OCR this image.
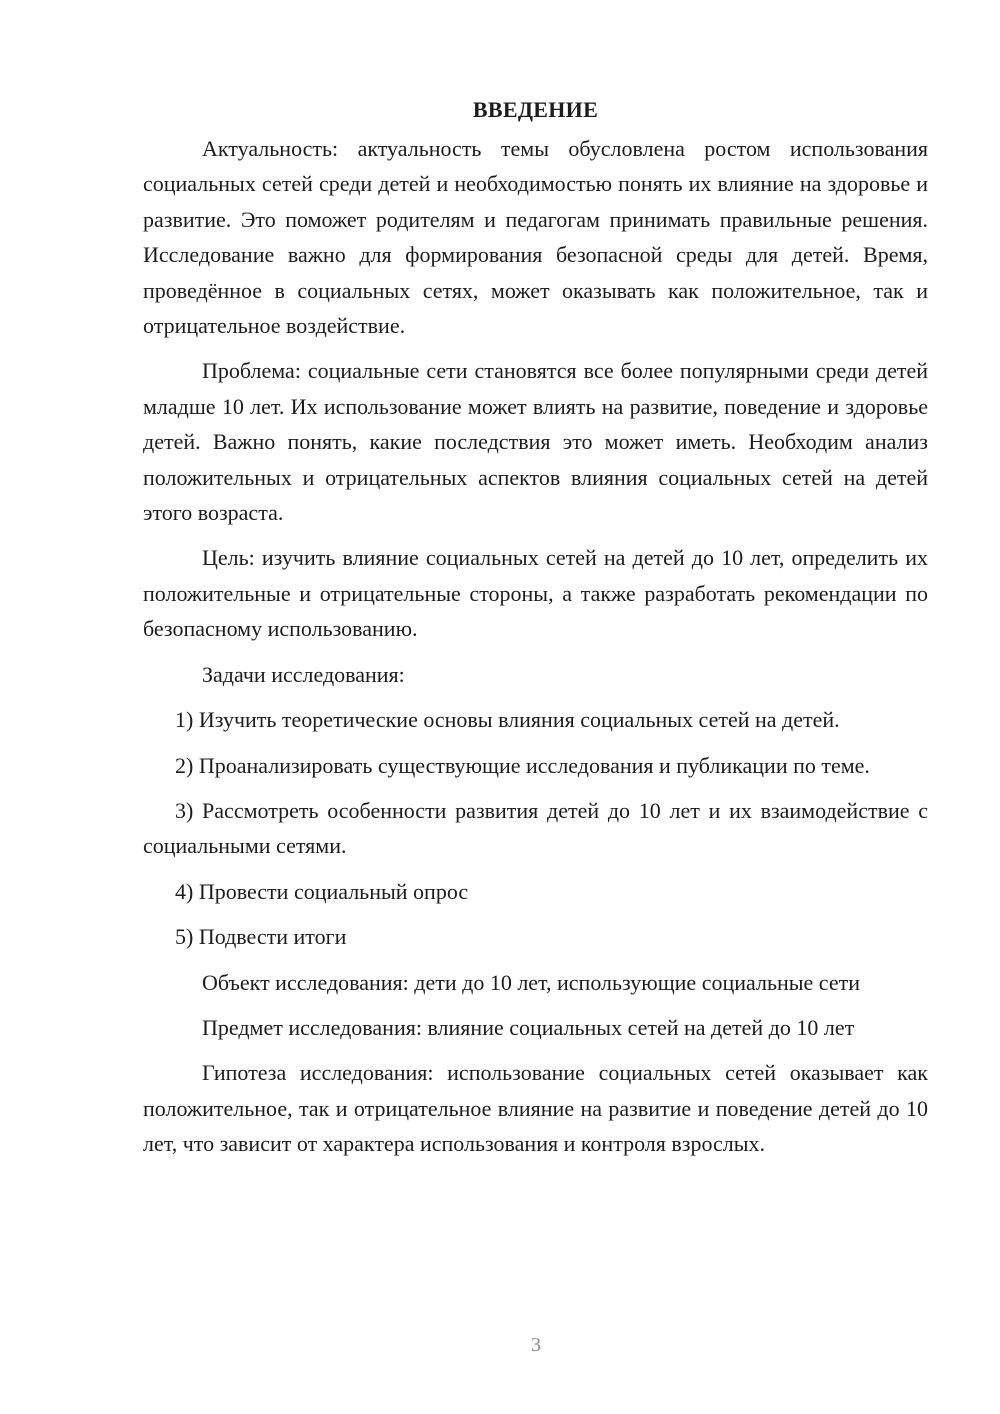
ВВЕДЕНИЕ

Актуальность: актуальность темы обусловлена ростом использования социальных сетей среди детей и необходимостью понять их влияние на здоровье и развитие. Это поможет родителям и педагогам принимать правильные решения. Исследование важно для формирования безопасной среды для детей. Время, проведённое в социальных сетях, может оказывать как положительное, так и отрицательное воздействие.

Проблема: социальные сети становятся все более популярными среди детей младше 10 лет. Их использование может влиять на развитие, поведение и здоровье детей. Важно понять, какие последствия это может иметь. Необходим анализ положительных и отрицательных аспектов влияния социальных сетей на детей этого возраста.

Цель: изучить влияние социальных сетей на детей до 10 лет, определить их положительные и отрицательные стороны, а также разработать рекомендации по безопасному использованию.

Задачи исследования:

1) Изучить теоретические основы влияния социальных сетей на детей.

2) Проанализировать существующие исследования и публикации по теме.

3) Рассмотреть особенности развития детей до 10 лет и их взаимодействие с социальными сетями.

4) Провести социальный опрос

5) Подвести итоги

Объект исследования: дети до 10 лет, использующие социальные сети

Предмет исследования: влияние социальных сетей на детей до 10 лет

Гипотеза исследования: использование социальных сетей оказывает как положительное, так и отрицательное влияние на развитие и поведение детей до 10 лет, что зависит от характера использования и контроля взрослых.

3
